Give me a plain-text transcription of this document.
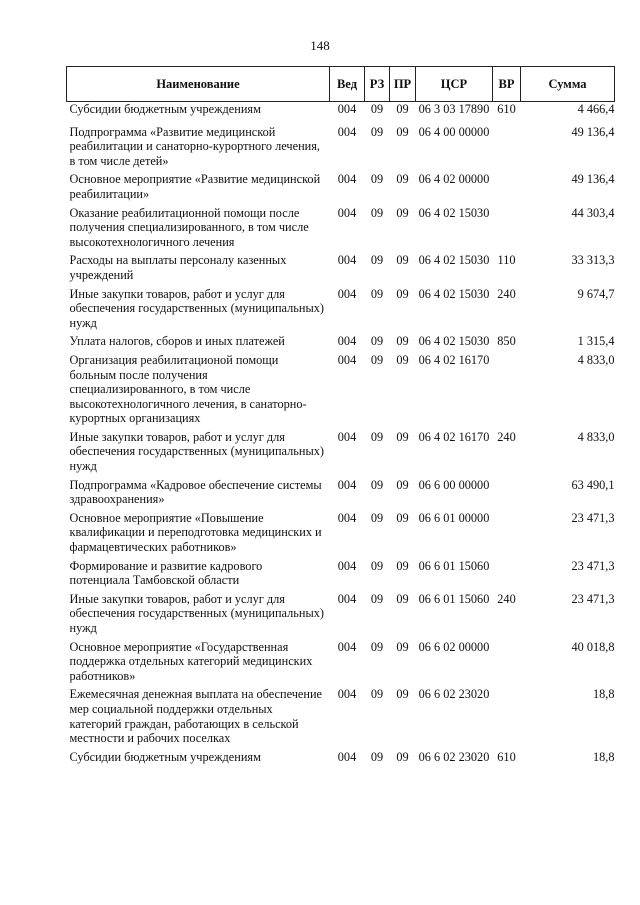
148
Наименование	Вед	РЗ	ПР	ЦСР	ВР	Сумма
Субсидии бюджетным учреждениям	004	09	09	06 3 03 17890	610	4 466,4
Подпрограмма «Развитие медицинской реабилитации и санаторно-курортного лечения, в том числе детей»	004	09	09	06 4 00 00000		49 136,4
Основное мероприятие «Развитие медицинской реабилитации»	004	09	09	06 4 02 00000		49 136,4
Оказание реабилитационной помощи после получения специализированного, в том числе высокотехнологичного лечения	004	09	09	06 4 02 15030		44 303,4
Расходы на выплаты персоналу казенных учреждений	004	09	09	06 4 02 15030	110	33 313,3
Иные закупки товаров, работ и услуг для обеспечения государственных (муниципальных) нужд	004	09	09	06 4 02 15030	240	9 674,7
Уплата налогов, сборов и иных платежей	004	09	09	06 4 02 15030	850	1 315,4
Организация реабилитационой помощи больным после получения специализированного, в том числе высокотехнологичного лечения, в санаторно-курортных организациях	004	09	09	06 4 02 16170		4 833,0
Иные закупки товаров, работ и услуг для обеспечения государственных (муниципальных) нужд	004	09	09	06 4 02 16170	240	4 833,0
Подпрограмма «Кадровое обеспечение системы здравоохранения»	004	09	09	06 6 00 00000		63 490,1
Основное мероприятие «Повышение квалификации и переподготовка медицинских и фармацевтических работников»	004	09	09	06 6 01 00000		23 471,3
Формирование и развитие кадрового потенциала Тамбовской области	004	09	09	06 6 01 15060		23 471,3
Иные закупки товаров, работ и услуг для обеспечения государственных (муниципальных) нужд	004	09	09	06 6 01 15060	240	23 471,3
Основное мероприятие «Государственная поддержка отдельных категорий медицинских работников»	004	09	09	06 6 02 00000		40 018,8
Ежемесячная денежная выплата на обеспечение мер социальной поддержки отдельных категорий граждан, работающих в сельской местности и рабочих поселках	004	09	09	06 6 02 23020		18,8
Субсидии бюджетным учреждениям	004	09	09	06 6 02 23020	610	18,8
